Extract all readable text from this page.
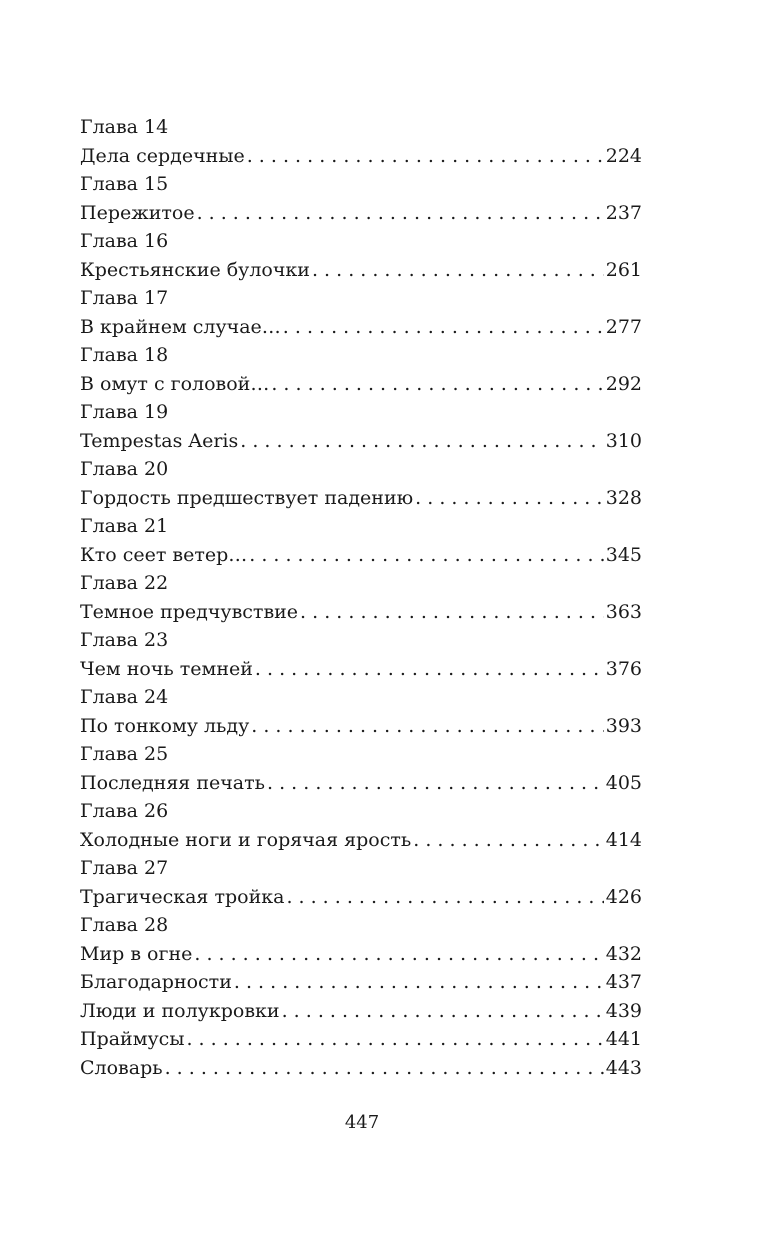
Глава 14
Дела сердечные . . .	224
Глава 15
Пережитое . . .	237
Глава 16
Крестьянские булочки . . .	261
Глава 17
В крайнем случае… . . .	277
Глава 18
В омут с головой… . . .	292
Глава 19
Tempestas Aeris . . .	310
Глава 20
Гордость предшествует падению . . .	328
Глава 21
Кто сеет ветер… . . .	345
Глава 22
Темное предчувствие . . .	363
Глава 23
Чем ночь темней . . .	376
Глава 24
По тонкому льду . . .	393
Глава 25
Последняя печать . . .	405
Глава 26
Холодные ноги и горячая ярость . . .	414
Глава 27
Трагическая тройка . . .	426
Глава 28
Мир в огне . . .	432
Благодарности . . .	437
Люди и полукровки . . .	439
Праймусы . . .	441
Словарь . . .	443
447
